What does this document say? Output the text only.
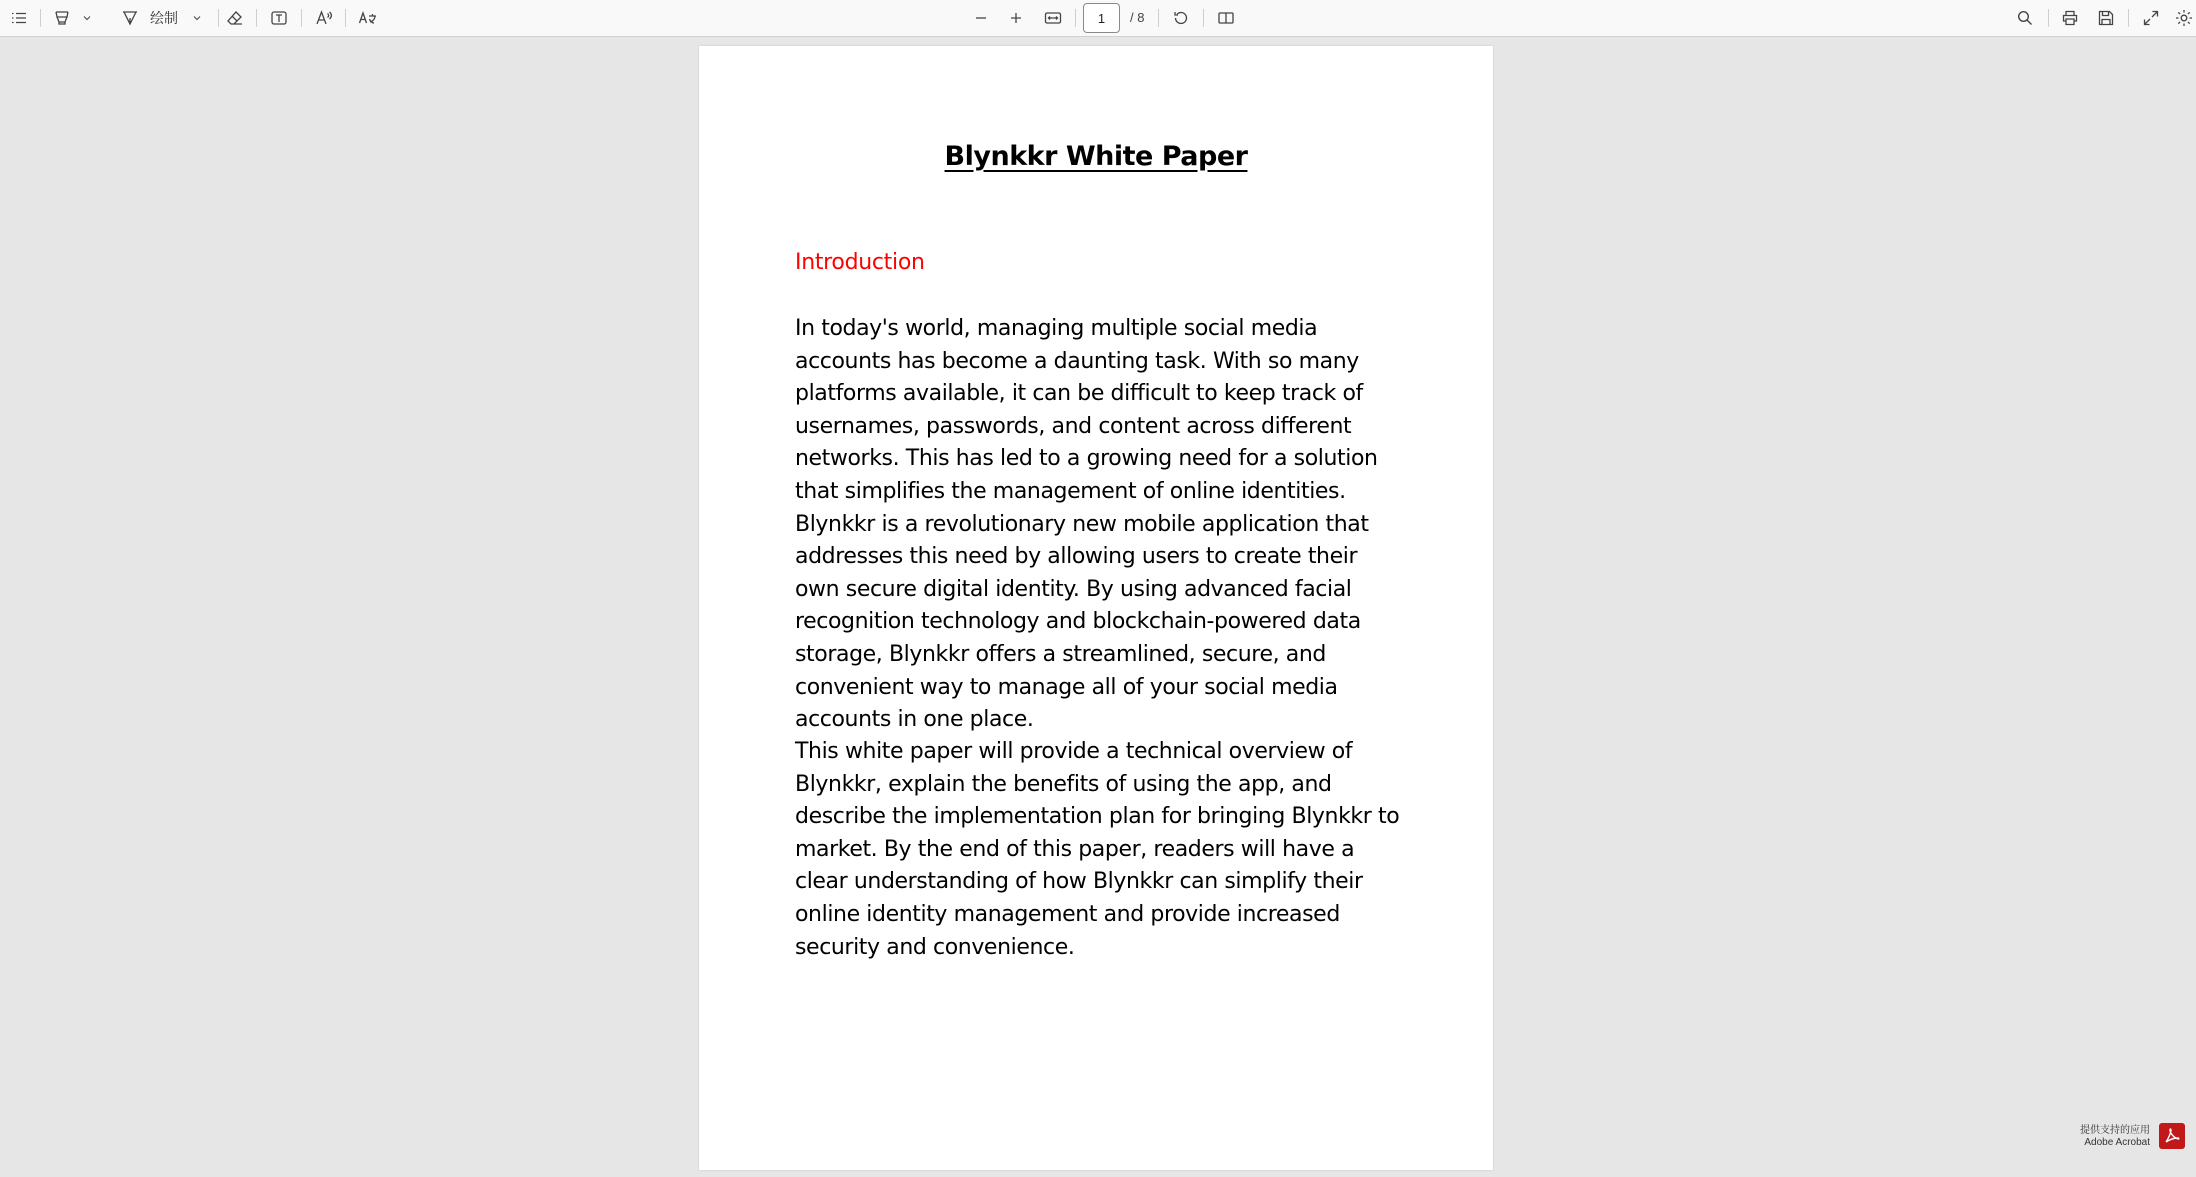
绘制
1	/ 8
Blynkkr White Paper
Introduction

In today's world, managing multiple social media accounts has become a daunting task. With so many platforms available, it can be difficult to keep track of usernames, passwords, and content across different networks. This has led to a growing need for a solution that simplifies the management of online identities. Blynkkr is a revolutionary new mobile application that addresses this need by allowing users to create their own secure digital identity. By using advanced facial recognition technology and blockchain-powered data storage, Blynkkr offers a streamlined, secure, and convenient way to manage all of your social media accounts in one place.

This white paper will provide a technical overview of Blynkkr, explain the benefits of using the app, and describe the implementation plan for bringing Blynkkr to market. By the end of this paper, readers will have a clear understanding of how Blynkkr can simplify their online identity management and provide increased security and convenience.

提供支持的应用
Adobe Acrobat
